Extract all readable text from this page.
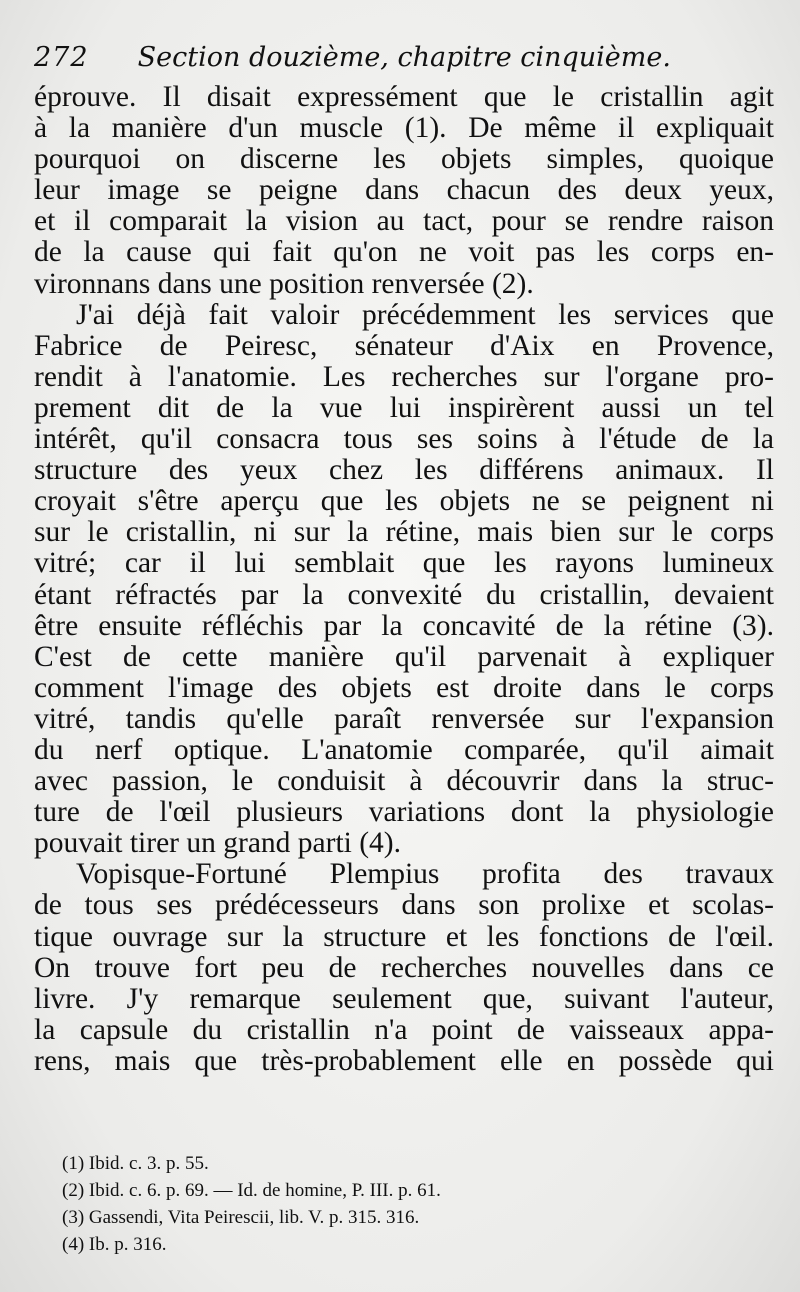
272 Section douzième, chapitre cinquième.
éprouve. Il disait expressément que le cristallin agit
à la manière d'un muscle (1). De même il expliquait
pourquoi on discerne les objets simples, quoique
leur image se peigne dans chacun des deux yeux,
et il comparait la vision au tact, pour se rendre raison
de la cause qui fait qu'on ne voit pas les corps en-
vironnans dans une position renversée (2).
J'ai déjà fait valoir précédemment les services que
Fabrice de Peiresc, sénateur d'Aix en Provence,
rendit à l'anatomie. Les recherches sur l'organe pro-
prement dit de la vue lui inspirèrent aussi un tel
intérêt, qu'il consacra tous ses soins à l'étude de la
structure des yeux chez les différens animaux. Il
croyait s'être aperçu que les objets ne se peignent ni
sur le cristallin, ni sur la rétine, mais bien sur le corps
vitré; car il lui semblait que les rayons lumineux
étant réfractés par la convexité du cristallin, devaient
être ensuite réfléchis par la concavité de la rétine (3).
C'est de cette manière qu'il parvenait à expliquer
comment l'image des objets est droite dans le corps
vitré, tandis qu'elle paraît renversée sur l'expansion
du nerf optique. L'anatomie comparée, qu'il aimait
avec passion, le conduisit à découvrir dans la struc-
ture de l'œil plusieurs variations dont la physiologie
pouvait tirer un grand parti (4).
Vopisque-Fortuné Plempius profita des travaux
de tous ses prédécesseurs dans son prolixe et scolas-
tique ouvrage sur la structure et les fonctions de l'œil.
On trouve fort peu de recherches nouvelles dans ce
livre. J'y remarque seulement que, suivant l'auteur,
la capsule du cristallin n'a point de vaisseaux appa-
rens, mais que très-probablement elle en possède qui
(1) Ibid. c. 3. p. 55.
(2) Ibid. c. 6. p. 69. — Id. de homine, P. III. p. 61.
(3) Gassendi, Vita Peirescii, lib. V. p. 315. 316.
(4) Ib. p. 316.
